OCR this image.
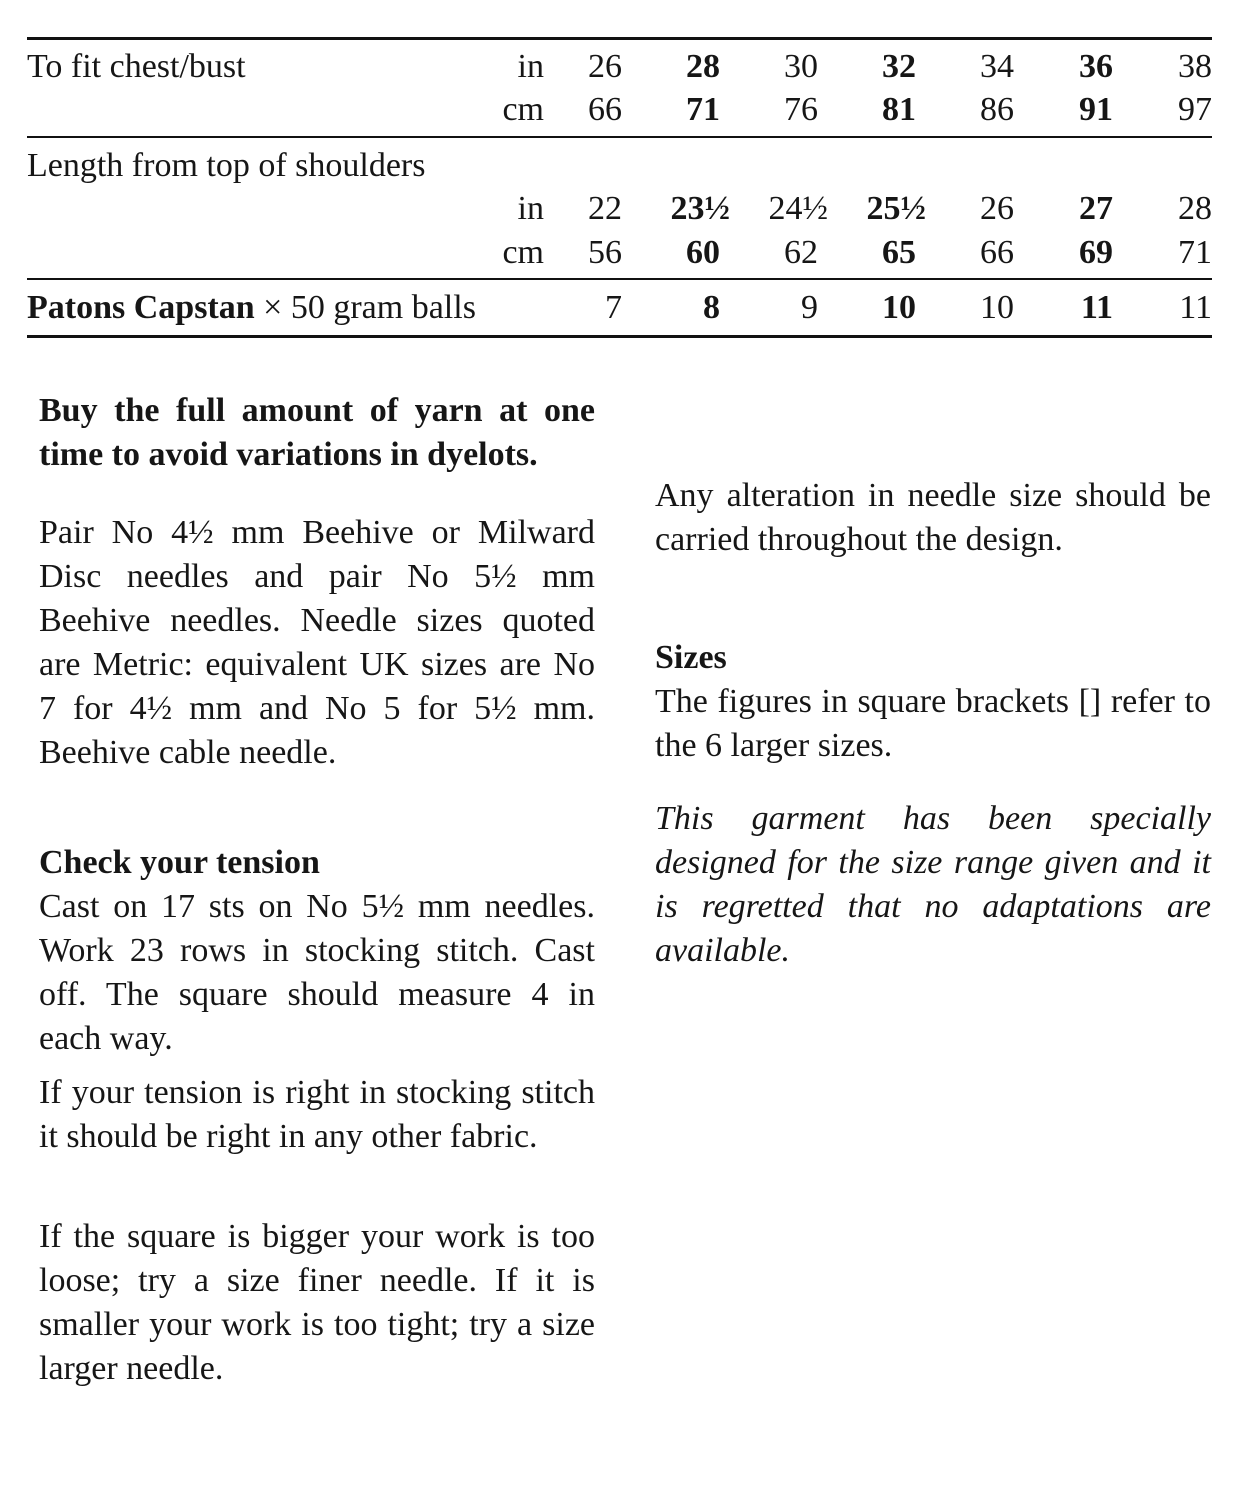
To fit chest/bust	in	26	28	30	32	34	36	38
cm	66	71	76	81	86	91	97
Length from top of shoulders
in	22	23½	24½	25½	26	27	28
cm	56	60	62	65	66	69	71
Patons Capstan × 50 gram balls	7	8	9	10	10	11	11

Buy the full amount of yarn at one time to avoid variations in dyelots.

Pair No 4½ mm Beehive or Milward Disc needles and pair No 5½ mm Beehive needles. Needle sizes quoted are Metric: equivalent UK sizes are No 7 for 4½ mm and No 5 for 5½ mm. Beehive cable needle.

Check your tension

Cast on 17 sts on No 5½ mm needles. Work 23 rows in stocking stitch. Cast off. The square should measure 4 in each way.

If your tension is right in stocking stitch it should be right in any other fabric.

If the square is bigger your work is too loose; try a size finer needle. If it is smaller your work is too tight; try a size larger needle.

Any alteration in needle size should be carried throughout the design.

Sizes

The figures in square brackets [] refer to the 6 larger sizes.

This garment has been specially designed for the size range given and it is regretted that no adaptations are available.
